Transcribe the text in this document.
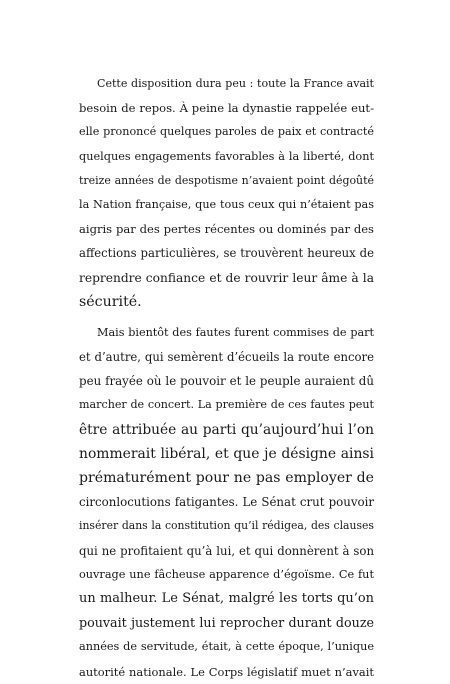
Cette disposition dura peu : toute la France avait
besoin de repos. À peine la dynastie rappelée eut-
elle prononcé quelques paroles de paix et contracté
quelques engagements favorables à la liberté, dont
treize années de despotisme n’avaient point dégoûté
la Nation française, que tous ceux qui n’étaient pas
aigris par des pertes récentes ou dominés par des
affections particulières, se trouvèrent heureux de
reprendre confiance et de rouvrir leur âme à la
sécurité.
Mais bientôt des fautes furent commises de part
et d’autre, qui semèrent d’écueils la route encore
peu frayée où le pouvoir et le peuple auraient dû
marcher de concert. La première de ces fautes peut
être attribuée au parti qu’aujourd’hui l’on
nommerait libéral, et que je désigne ainsi
prématurément pour ne pas employer de
circonlocutions fatigantes. Le Sénat crut pouvoir
insérer dans la constitution qu’il rédigea, des clauses
qui ne profitaient qu’à lui, et qui donnèrent à son
ouvrage une fâcheuse apparence d’égoïsme. Ce fut
un malheur. Le Sénat, malgré les torts qu’on
pouvait justement lui reprocher durant douze
années de servitude, était, à cette époque, l’unique
autorité nationale. Le Corps législatif muet n’avait
